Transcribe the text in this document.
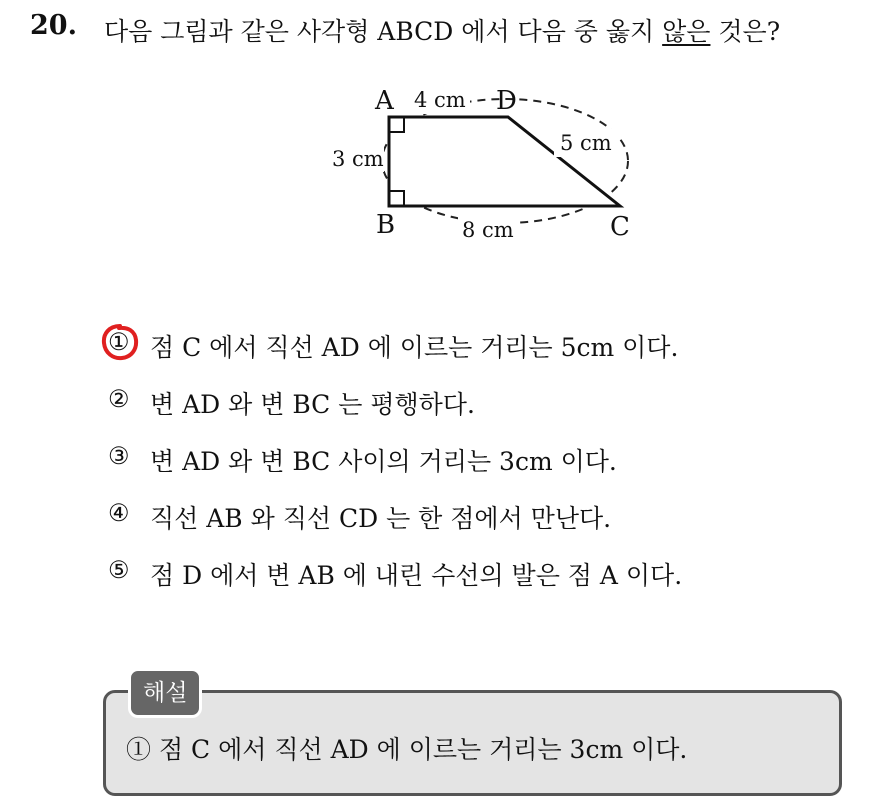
20. 다음 그림과 같은 사각형 ABCD 에서 다음 중 옳지 않은 것은?
A	D
B	C
4 cm
3 cm
5 cm
8 cm
① 점 C 에서 직선 AD 에 이르는 거리는 5cm 이다.
② 변 AD 와 변 BC 는 평행하다.
③ 변 AD 와 변 BC 사이의 거리는 3cm 이다.
④ 직선 AB 와 직선 CD 는 한 점에서 만난다.
⑤ 점 D 에서 변 AB 에 내린 수선의 발은 점 A 이다.
해설
① 점 C 에서 직선 AD 에 이르는 거리는 3cm 이다.
